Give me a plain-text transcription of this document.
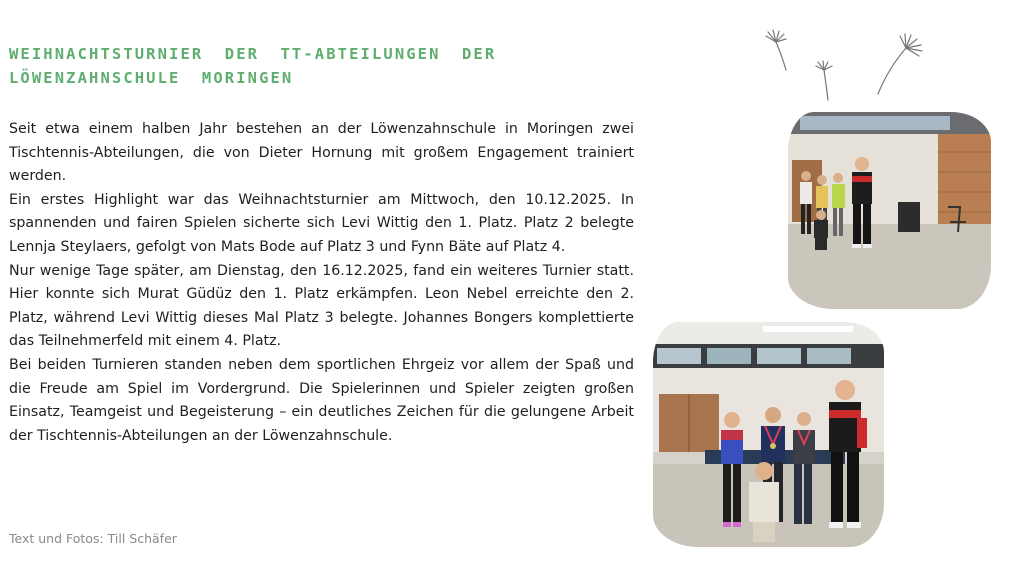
WEIHNACHTSTURNIER DER TT-ABTEILUNGEN DER LÖWENZAHNSCHULE MORINGEN

Seit etwa einem halben Jahr bestehen an der Löwenzahnschule in Moringen zwei Tischtennis-Abteilungen, die von Dieter Hornung mit großem Engagement trainiert werden.

Ein erstes Highlight war das Weihnachtsturnier am Mittwoch, den 10.12.2025. In spannenden und fairen Spielen sicherte sich Levi Wittig den 1. Platz. Platz 2 belegte Lennja Steylaers, gefolgt von Mats Bode auf Platz 3 und Fynn Bäte auf Platz 4.

Nur wenige Tage später, am Dienstag, den 16.12.2025, fand ein weiteres Turnier statt. Hier konnte sich Murat Güdüz den 1. Platz erkämpfen. Leon Nebel erreichte den 2. Platz, während Levi Wittig dieses Mal Platz 3 belegte. Johannes Bongers komplettierte das Teilnehmerfeld mit einem 4. Platz.

Bei beiden Turnieren standen neben dem sportlichen Ehrgeiz vor allem der Spaß und die Freude am Spiel im Vordergrund. Die Spielerinnen und Spieler zeigten großen Einsatz, Teamgeist und Begeisterung – ein deutliches Zeichen für die gelungene Arbeit der Tischtennis-Abteilungen an der Löwenzahnschule.

Text und Fotos: Till Schäfer
